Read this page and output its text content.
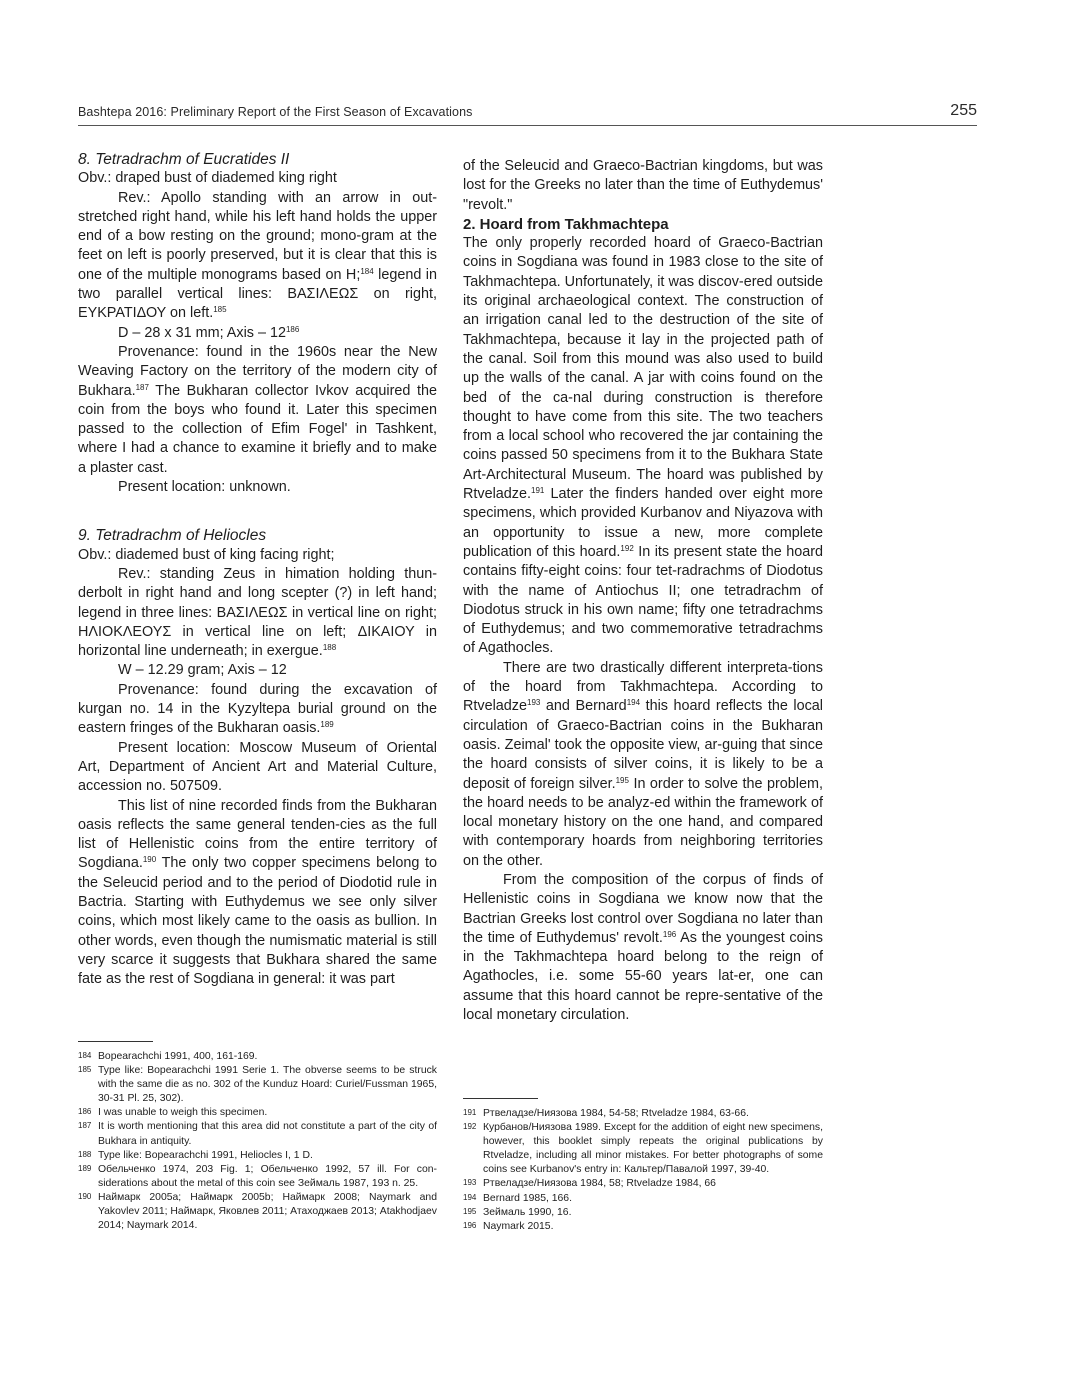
Bashtepa 2016: Preliminary Report of the First Season of Excavations	255

8. Tetradrachm of Eucratides II

Obv.: draped bust of diademed king right

Rev.: Apollo standing with an arrow in out-stretched right hand, while his left hand holds the upper end of a bow resting on the ground; mono-gram at the feet on left is poorly preserved, but it is clear that this is one of the multiple monograms based on H;$^{184}$ legend in two parallel vertical lines: ΒΑΣΙΛΕΩΣ on right, ΕΥΚΡΑΤΙΔΟΥ on left.$^{185}$

D – 28 x 31 mm; Axis – $12^{186}$

Provenance: found in the 1960s near the New Weaving Factory on the territory of the modern city of Bukhara.$^{187}$ The Bukharan collector Ivkov acquired the coin from the boys who found it. Later this specimen passed to the collection of Efim Fogel' in Tashkent, where I had a chance to examine it briefly and to make a plaster cast.

Present location: unknown.

9. Tetradrachm of Heliocles

Obv.: diademed bust of king facing right;

Rev.: standing Zeus in himation holding thun-derbolt in right hand and long scepter (?) in left hand; legend in three lines: ΒΑΣΙΛΕΩΣ in vertical line on right; ΗΛΙΟΚΛΕΟΥΣ in vertical line on left; ΔΙΚΑΙΟΥ in horizontal line underneath; in exergue.$^{188}$

W – 12.29 gram; Axis – 12

Provenance: found during the excavation of kurgan no. 14 in the Kyzyltepa burial ground on the eastern fringes of the Bukharan oasis.$^{189}$

Present location: Moscow Museum of Oriental Art, Department of Ancient Art and Material Culture, accession no. 507509.

This list of nine recorded finds from the Bukharan oasis reflects the same general tenden-cies as the full list of Hellenistic coins from the entire territory of Sogdiana.$^{190}$ The only two copper specimens belong to the Seleucid period and to the period of Diodotid rule in Bactria. Starting with Euthydemus we see only silver coins, which most likely came to the oasis as bullion. In other words, even though the numismatic material is still very scarce it suggests that Bukhara shared the same fate as the rest of Sogdiana in general: it was part

of the Seleucid and Graeco-Bactrian kingdoms, but was lost for the Greeks no later than the time of Euthydemus' "revolt."

2. Hoard from Takhmachtepa

The only properly recorded hoard of Graeco-Bactrian coins in Sogdiana was found in 1983 close to the site of Takhmachtepa. Unfortunately, it was discov-ered outside its original archaeological context. The construction of an irrigation canal led to the destruction of the site of Takhmachtepa, because it lay in the projected path of the canal. Soil from this mound was also used to build up the walls of the canal. A jar with coins found on the bed of the ca-nal during construction is therefore thought to have come from this site. The two teachers from a local school who recovered the jar containing the coins passed 50 specimens from it to the Bukhara State Art-Architectural Museum. The hoard was published by Rtveladze.$^{191}$ Later the finders handed over eight more specimens, which provided Kurbanov and Niyazova with an opportunity to issue a new, more complete publication of this hoard.$^{192}$ In its present state the hoard contains fifty-eight coins: four tet-radrachms of Diodotus with the name of Antiochus II; one tetradrachm of Diodotus struck in his own name; fifty one tetradrachms of Euthydemus; and two commemorative tetradrachms of Agathocles.

There are two drastically different interpreta-tions of the hoard from Takhmachtepa. According to Rtveladze$^{193}$ and Bernard$^{194}$ this hoard reflects the local circulation of Graeco-Bactrian coins in the Bukharan oasis. Zeimal' took the opposite view, ar-guing that since the hoard consists of silver coins, it is likely to be a deposit of foreign silver.$^{195}$ In order to solve the problem, the hoard needs to be analyz-ed within the framework of local monetary history on the one hand, and compared with contemporary hoards from neighboring territories on the other.

From the composition of the corpus of finds of Hellenistic coins in Sogdiana we know now that the Bactrian Greeks lost control over Sogdiana no later than the time of Euthydemus' revolt.$^{196}$ As the youngest coins in the Takhmachtepa hoard belong to the reign of Agathocles, i.e. some 55-60 years lat-er, one can assume that this hoard cannot be repre-sentative of the local monetary circulation.

184 Bopearachchi 1991, 400, 161-169.
185 Type like: Bopearachchi 1991 Serie 1. The obverse seems to be struck with the same die as no. 302 of the Kunduz Hoard: Curiel/Fussman 1965, 30-31 Pl. 25, 302).
186 I was unable to weigh this specimen.
187 It is worth mentioning that this area did not constitute a part of the city of Bukhara in antiquity.
188 Type like: Bopearachchi 1991, Heliocles I, 1 D.
189 Обельченко 1974, 203 Fig. 1; Обельченко 1992, 57 ill. For con-siderations about the metal of this coin see Зеймаль 1987, 193 n. 25.
190 Наймарк 2005a; Наймарк 2005b; Наймарк 2008; Naymark and Yakovlev 2011; Наймарк, Яковлев 2011; Атаходжаев 2013; Atakhodjaev 2014; Naymark 2014.
191 Ртвеладзе/Ниязова 1984, 54-58; Rtveladze 1984, 63-66.
192 Курбанов/Ниязова 1989. Except for the addition of eight new specimens, however, this booklet simply repeats the original publications by Rtveladze, including all minor mistakes. For better photographs of some coins see Kurbanov's entry in: Кальтер/Павалой 1997, 39-40.
193 Ртвеладзе/Ниязова 1984, 58; Rtveladze 1984, 66
194 Bernard 1985, 166.
195 Зеймаль 1990, 16.
196 Naymark 2015.
